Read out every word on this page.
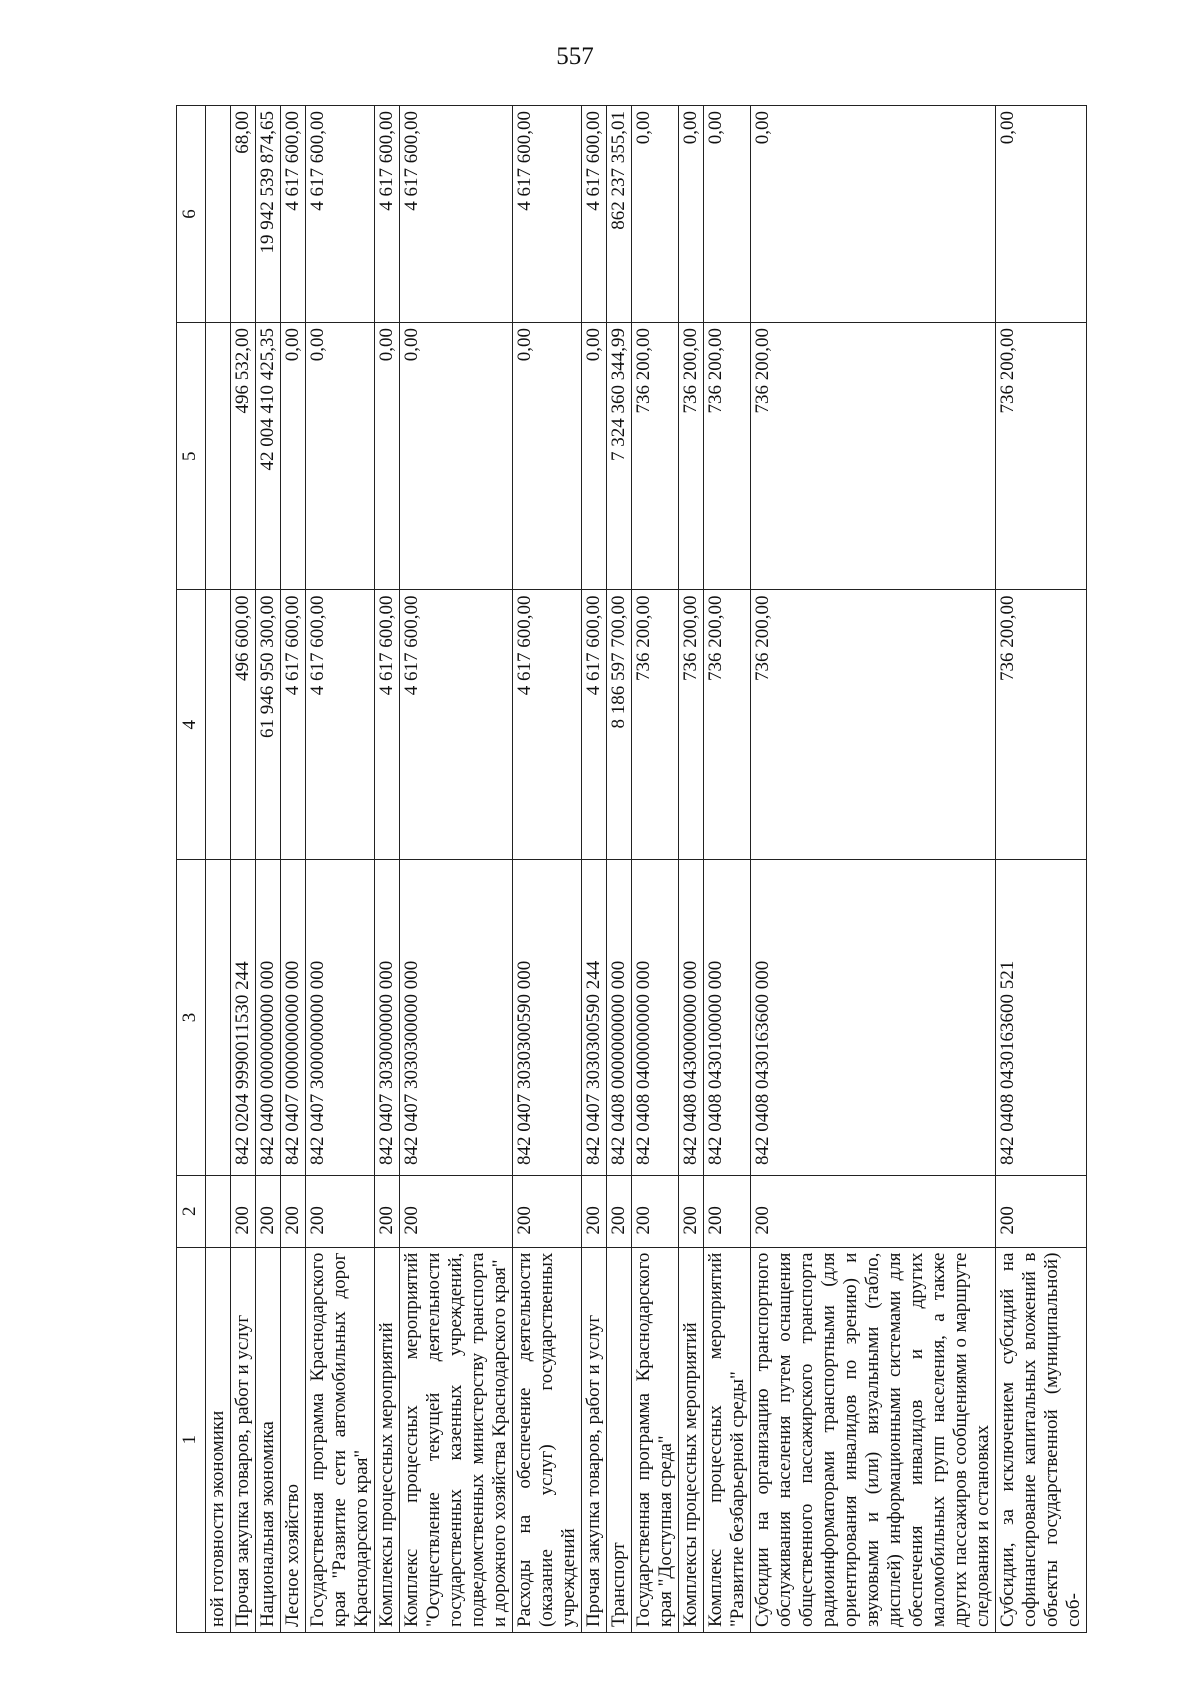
557
1	2	3	4	5	6
ной готовности экономики					
Прочая закупка товаров, работ и услуг	200	842 0204 9990011530 244	496 600,00	496 532,00	68,00
Национальная экономика	200	842 0400 0000000000 000	61 946 950 300,00	42 004 410 425,35	19 942 539 874,65
Лесное хозяйство	200	842 0407 0000000000 000	4 617 600,00	0,00	4 617 600,00
Государственная программа Краснодарского края "Развитие сети автомобильных дорог Краснодарского края"	200	842 0407 3000000000 000	4 617 600,00	0,00	4 617 600,00
Комплексы процессных мероприятий	200	842 0407 3030000000 000	4 617 600,00	0,00	4 617 600,00
Комплекс процессных мероприятий "Осуществление текущей деятельности государственных казенных учреждений, подведомственных министерству транспорта и дорожного хозяйства Краснодарского края"	200	842 0407 3030300000 000	4 617 600,00	0,00	4 617 600,00
Расходы на обеспечение деятельности (оказание услуг) государственных учреждений	200	842 0407 3030300590 000	4 617 600,00	0,00	4 617 600,00
Прочая закупка товаров, работ и услуг	200	842 0407 3030300590 244	4 617 600,00	0,00	4 617 600,00
Транспорт	200	842 0408 0000000000 000	8 186 597 700,00	7 324 360 344,99	862 237 355,01
Государственная программа Краснодарского края "Доступная среда"	200	842 0408 0400000000 000	736 200,00	736 200,00	0,00
Комплексы процессных мероприятий	200	842 0408 0430000000 000	736 200,00	736 200,00	0,00
Комплекс процессных мероприятий "Развитие безбарьерной среды"	200	842 0408 0430100000 000	736 200,00	736 200,00	0,00
Субсидии на организацию транспортного обслуживания населения путем оснащения общественного пассажирского транспорта радиоинформаторами транспортными (для ориентирования инвалидов по зрению) и звуковыми и (или) визуальными (табло, дисплей) информационными системами для обеспечения инвалидов и других маломобильных групп населения, а также других пассажиров сообщениями о маршруте следования и остановках	200	842 0408 0430163600 000	736 200,00	736 200,00	0,00
Субсидии, за исключением субсидий на софинансирование капитальных вложений в объекты государственной (муниципальной) соб-	200	842 0408 0430163600 521	736 200,00	736 200,00	0,00
